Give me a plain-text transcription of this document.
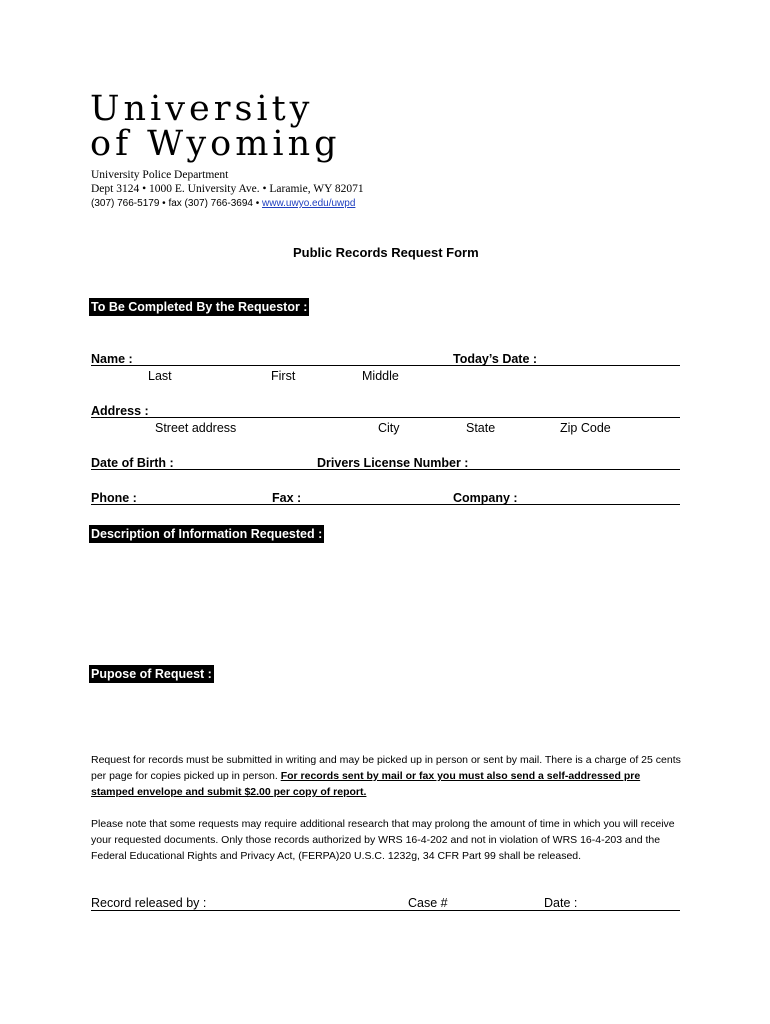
University
of Wyoming
University Police Department
Dept 3124 • 1000 E. University Ave. • Laramie, WY 82071
(307) 766-5179 • fax (307) 766-3694 • www.uwyo.edu/uwpd
Public Records Request Form
To Be Completed By the Requestor :
Name :	Today’s Date :
Last	First	Middle
Address :
Street address	City	State	Zip Code
Date of Birth :	Drivers License Number :
Phone :	Fax :	Company :
Description of Information Requested :
Pupose of Request :
Request for records must be submitted in writing and may be picked up in person or sent by mail. There is a charge of 25 cents per page for copies picked up in person. For records sent by mail or fax you must also send a self-addressed pre stamped envelope and submit $2.00 per copy of report.
Please note that some requests may require additional research that may prolong the amount of time in which you will receive your requested documents. Only those records authorized by WRS 16-4-202 and not in violation of WRS 16-4-203 and the Federal Educational Rights and Privacy Act, (FERPA)20 U.S.C. 1232g, 34 CFR Part 99 shall be released.
Record released by :	Case #	Date :
